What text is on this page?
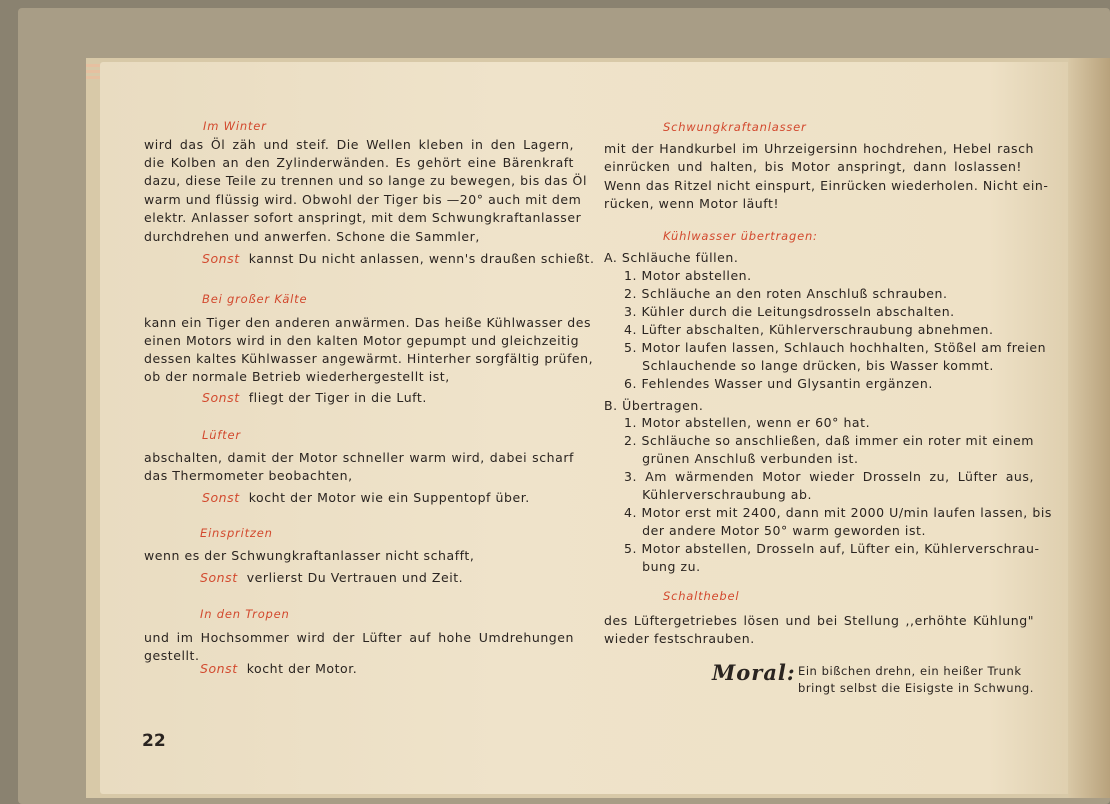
Im Winter
wird das Öl zäh und steif. Die Wellen kleben in den Lagern,
die Kolben an den Zylinderwänden. Es gehört eine Bärenkraft
dazu, diese Teile zu trennen und so lange zu bewegen, bis das Öl
warm und flüssig wird. Obwohl der Tiger bis —20° auch mit dem
elektr. Anlasser sofort anspringt, mit dem Schwungkraftanlasser
durchdrehen und anwerfen. Schone die Sammler,
Sonst kannst Du nicht anlassen, wenn's draußen schießt.
Bei großer Kälte
kann ein Tiger den anderen anwärmen. Das heiße Kühlwasser des
einen Motors wird in den kalten Motor gepumpt und gleichzeitig
dessen kaltes Kühlwasser angewärmt. Hinterher sorgfältig prüfen,
ob der normale Betrieb wiederhergestellt ist,
Sonst fliegt der Tiger in die Luft.
Lüfter
abschalten, damit der Motor schneller warm wird, dabei scharf
das Thermometer beobachten,
Sonst kocht der Motor wie ein Suppentopf über.
Einspritzen
wenn es der Schwungkraftanlasser nicht schafft,
Sonst verlierst Du Vertrauen und Zeit.
In den Tropen
und im Hochsommer wird der Lüfter auf hohe Umdrehungen
gestellt.
Sonst kocht der Motor.
22
Schwungkraftanlasser
mit der Handkurbel im Uhrzeigersinn hochdrehen, Hebel rasch
einrücken und halten, bis Motor anspringt, dann loslassen!
Wenn das Ritzel nicht einspurt, Einrücken wiederholen. Nicht ein-
rücken, wenn Motor läuft!
Kühlwasser übertragen:
A. Schläuche füllen.
1. Motor abstellen.
2. Schläuche an den roten Anschluß schrauben.
3. Kühler durch die Leitungsdrosseln abschalten.
4. Lüfter abschalten, Kühlerverschraubung abnehmen.
5. Motor laufen lassen, Schlauch hochhalten, Stößel am freien
Schlauchende so lange drücken, bis Wasser kommt.
6. Fehlendes Wasser und Glysantin ergänzen.
B. Übertragen.
1. Motor abstellen, wenn er 60° hat.
2. Schläuche so anschließen, daß immer ein roter mit einem
grünen Anschluß verbunden ist.
3. Am wärmenden Motor wieder Drosseln zu, Lüfter aus,
Kühlerverschraubung ab.
4. Motor erst mit 2400, dann mit 2000 U/min laufen lassen, bis
der andere Motor 50° warm geworden ist.
5. Motor abstellen, Drosseln auf, Lüfter ein, Kühlerverschrau-
bung zu.
Schalthebel
des Lüftergetriebes lösen und bei Stellung ,,erhöhte Kühlung"
wieder festschrauben.
Moral: Ein bißchen drehn, ein heißer Trunk
bringt selbst die Eisigste in Schwung.
